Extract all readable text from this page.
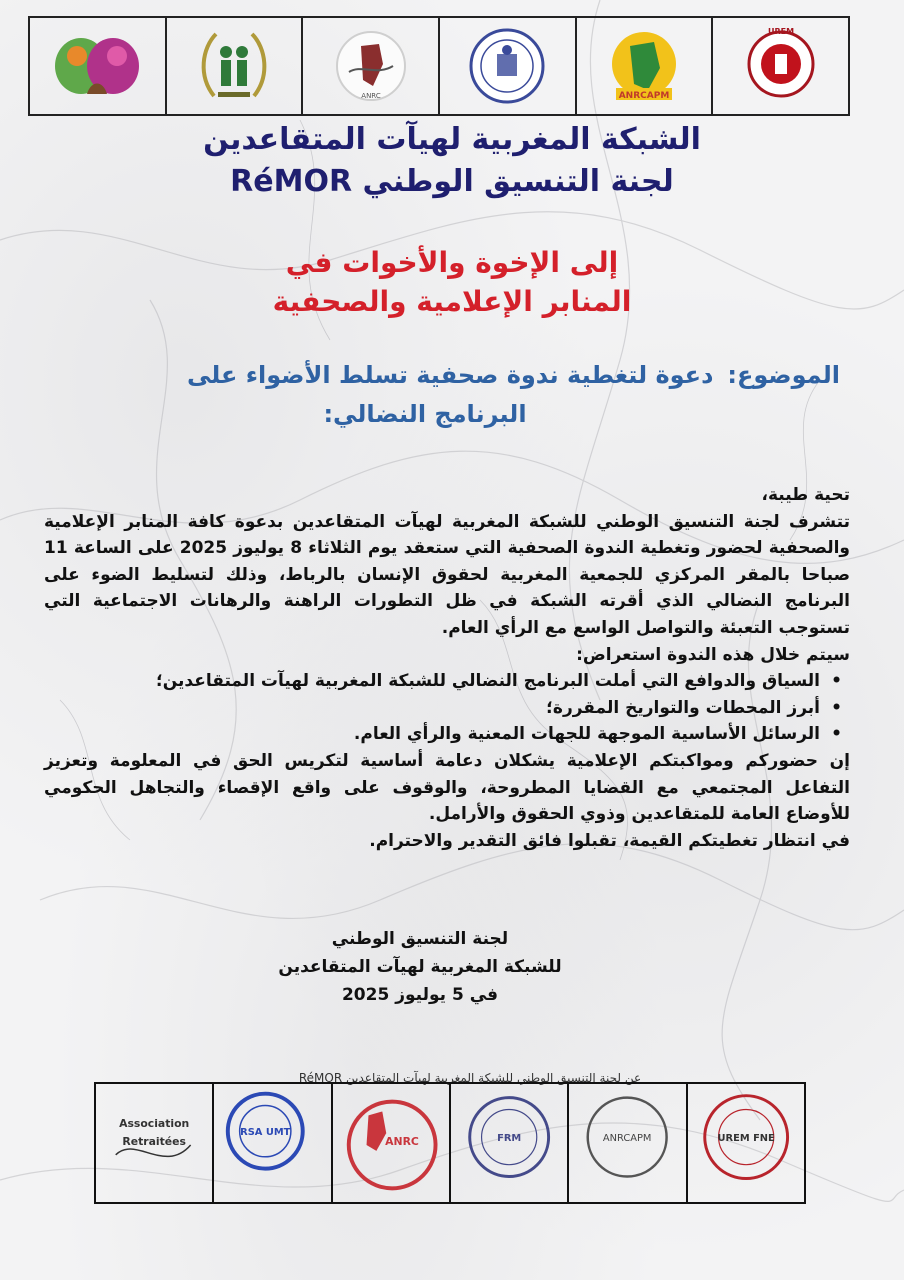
ANRC	ANRCAPM
UREM
الشبكة المغربية لهيآت المتقاعدين
لجنة التنسيق الوطني RéMOR
إلى الإخوة والأخوات في
المنابر الإعلامية والصحفية
الموضوع:دعوة لتغطية ندوة صحفية تسلط الأضواء على
البرنامج النضالي:

تحية طيبة،

تتشرف لجنة التنسيق الوطني للشبكة المغربية لهيآت المتقاعدين بدعوة كافة المنابر الإعلامية والصحفية لحضور وتغطية الندوة الصحفية التي ستعقد يوم الثلاثاء 8 يوليوز 2025 على الساعة 11 صباحا بالمقر المركزي للجمعية المغربية لحقوق الإنسان بالرباط، وذلك لتسليط الضوء على البرنامج النضالي الذي أقرته الشبكة في ظل التطورات الراهنة والرهانات الاجتماعية التي تستوجب التعبئة والتواصل الواسع مع الرأي العام.

سيتم خلال هذه الندوة استعراض:

• السياق والدوافع التي أملت البرنامج النضالي للشبكة المغربية لهيآت المتقاعدين؛
• أبرز المحطات والتواريخ المقررة؛
• الرسائل الأساسية الموجهة للجهات المعنية والرأي العام.

إن حضوركم ومواكبتكم الإعلامية يشكلان دعامة أساسية لتكريس الحق في المعلومة وتعزيز التفاعل المجتمعي مع القضايا المطروحة، والوقوف على واقع الإقصاء والتجاهل الحكومي للأوضاع العامة للمتقاعدين وذوي الحقوق والأرامل.

في انتظار تغطيتكم القيمة، تقبلوا فائق التقدير والاحترام.

لجنة التنسيق الوطني
للشبكة المغربية لهيآت المتقاعدين
في 5 يوليوز 2025
عن لجنة التنسيق الوطني للشبكة المغربية لهيآت المتقاعدين RéMOR
Association
Retraitées
RSA UMT
ANRC	FRM	ANRCAPM	UREM FNE
